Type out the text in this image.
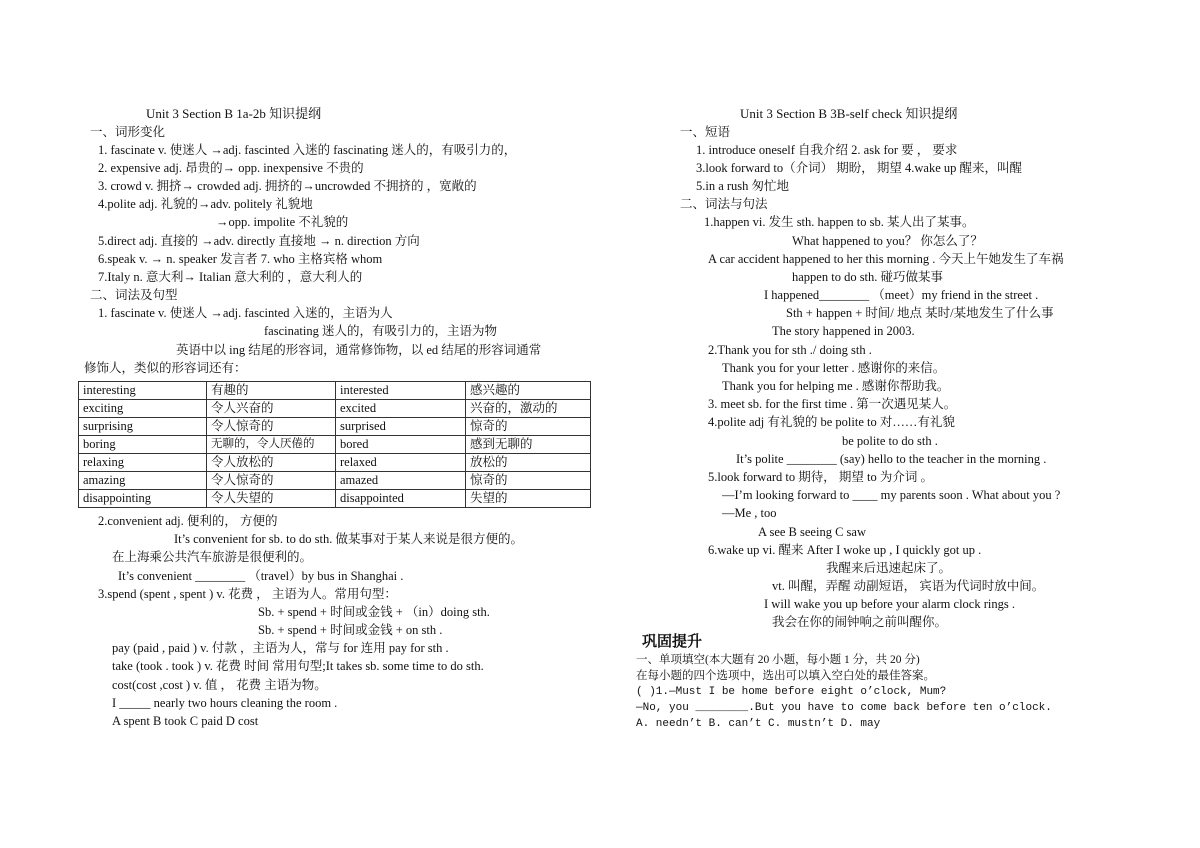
Unit 3 Section B 1a-2b 知识提纲
一、词形变化
1. fascinate v. 使迷人 →adj. fascinted 入迷的 fascinating 迷人的，有吸引力的，
2. expensive adj. 昂贵的→ opp. inexpensive 不贵的
3. crowd v. 拥挤→ crowded adj. 拥挤的→uncrowded 不拥挤的 ，宽敞的
4.polite adj. 礼貌的→adv. politely 礼貌地
→opp. impolite 不礼貌的
5.direct adj. 直接的 →adv. directly 直接地 → n. direction 方向
6.speak v. → n. speaker 发言者 7. who 主格宾格 whom
7.Italy n. 意大利→ Italian 意大利的 ，意大利人的
二、词法及句型
1. fascinate v. 使迷人 →adj. fascinted 入迷的，主语为人
fascinating 迷人的，有吸引力的，主语为物
英语中以 ing 结尾的形容词，通常修饰物，以 ed 结尾的形容词通常
修饰人，类似的形容词还有：
interesting	有趣的	interested	感兴趣的
exciting	令人兴奋的	excited	兴奋的，激动的
surprising	令人惊奇的	surprised	惊奇的
boring	无聊的，令人厌倦的	bored	感到无聊的
relaxing	令人放松的	relaxed	放松的
amazing	令人惊奇的	amazed	惊奇的
disappointing	令人失望的	disappointed	失望的
2.convenient adj. 便利的， 方便的
It’s convenient for sb. to do sth. 做某事对于某人来说是很方便的。
在上海乘公共汽车旅游是很便利的。
It’s convenient ________ （travel）by bus in Shanghai .
3.spend (spent , spent ) v. 花费 ， 主语为人。常用句型：
Sb. + spend + 时间或金钱 + （in）doing sth.
Sb. + spend + 时间或金钱 + on sth .
pay (paid , paid ) v. 付款 ，主语为人，常与 for 连用 pay for sth .
take (took . took ) v. 花费 时间 常用句型;It takes sb. some time to do sth.
cost(cost ,cost ) v. 值 ， 花费 主语为物。
I _____ nearly two hours cleaning the room .
A spent B took C paid D cost
Unit 3 Section B 3B-self check 知识提纲
一、短语
1. introduce oneself 自我介绍 2. ask for 要 ， 要求
3.look forward to（介词） 期盼， 期望 4.wake up 醒来，叫醒
5.in a rush 匆忙地
二、词法与句法
1.happen vi. 发生 sth. happen to sb. 某人出了某事。
What happened to you？ 你怎么了？
A car accident happened to her this morning . 今天上午她发生了车祸
happen to do sth. 碰巧做某事
I happened________ （meet）my friend in the street .
Sth + happen + 时间/ 地点 某时/某地发生了什么事
The story happened in 2003.
2.Thank you for sth ./ doing sth .
Thank you for your letter . 感谢你的来信。
Thank you for helping me . 感谢你帮助我。
3. meet sb. for the first time . 第一次遇见某人。
4.polite adj 有礼貌的 be polite to 对……有礼貌
be polite to do sth .
It’s polite ________ (say) hello to the teacher in the morning .
5.look forward to 期待， 期望 to 为介词 。
—I’m looking forward to ____ my parents soon . What about you ?
—Me , too
A see B seeing C saw
6.wake up vi. 醒来 After I woke up , I quickly got up .
我醒来后迅速起床了。
vt. 叫醒，弄醒 动副短语， 宾语为代词时放中间。
I will wake you up before your alarm clock rings .
我会在你的闹钟响之前叫醒你。
巩固提升
一、单项填空(本大题有 20 小题，每小题 1 分，共 20 分)
在每小题的四个选项中，选出可以填入空白处的最佳答案。
( )1.—Must I be home before eight o’clock, Mum?
—No, you ________.But you have to come back before ten o’clock.
A. needn’t B. can’t C. mustn’t D. may
